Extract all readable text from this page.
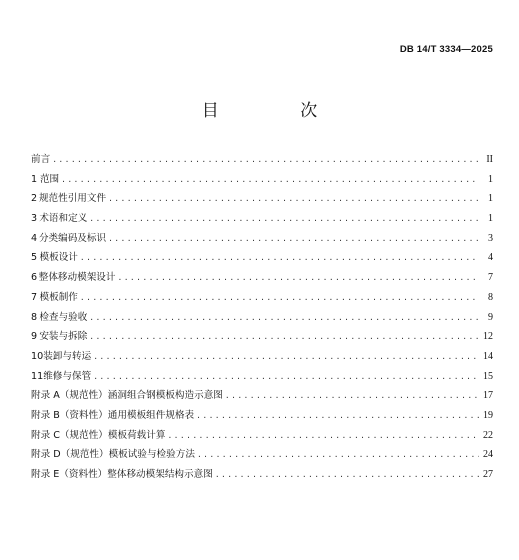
DB 14/T 3334—2025
目 次
前言 .....	II
1 范围 .....	1
2 规范性引用文件 .....	1
3 术语和定义 .....	1
4 分类编码及标识 .....	3
5 模板设计 .....	4
6 整体移动模架设计 .....	7
7 模板制作 .....	8
8 检查与验收 .....	9
9 安装与拆除 .....	12
10 装卸与转运 .....	14
11 维修与保管 .....	15
附录 A（规范性）涵洞组合钢模板构造示意图 .....	17
附录 B（资料性）通用模板组件规格表 .....	19
附录 C（规范性）模板荷载计算 .....	22
附录 D（规范性）模板试验与检验方法 .....	24
附录 E（资料性）整体移动模架结构示意图 .....	27
